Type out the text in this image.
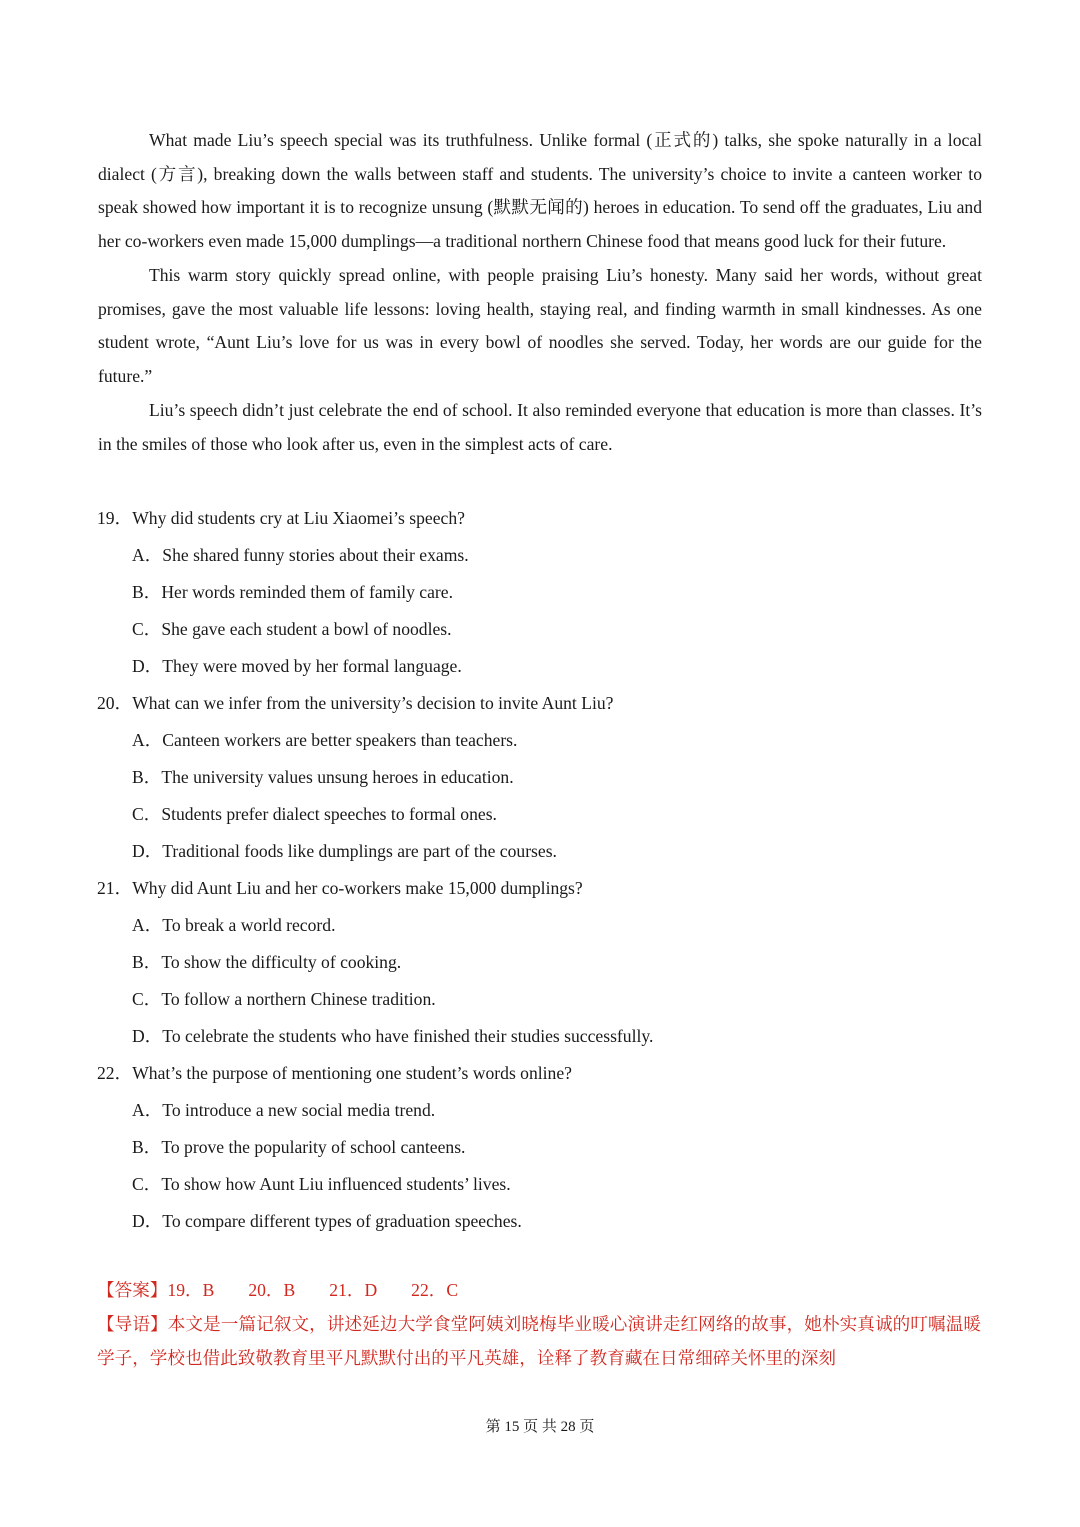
What made Liu’s speech special was its truthfulness. Unlike formal (正式的) talks, she spoke naturally in a local dialect (方言), breaking down the walls between staff and students. The university’s choice to invite a canteen worker to speak showed how important it is to recognize unsung (默默无闻的) heroes in education. To send off the graduates, Liu and her co-workers even made 15,000 dumplings—a traditional northern Chinese food that means good luck for their future.

This warm story quickly spread online, with people praising Liu’s honesty. Many said her words, without great promises, gave the most valuable life lessons: loving health, staying real, and finding warmth in small kindnesses. As one student wrote, “Aunt Liu’s love for us was in every bowl of noodles she served. Today, her words are our guide for the future.”

Liu’s speech didn’t just celebrate the end of school. It also reminded everyone that education is more than classes. It’s in the smiles of those who look after us, even in the simplest acts of care.

19．Why did students cry at Liu Xiaomei’s speech?
A．She shared funny stories about their exams.
B．Her words reminded them of family care.
C．She gave each student a bowl of noodles.
D．They were moved by her formal language.
20．What can we infer from the university’s decision to invite Aunt Liu?
A．Canteen workers are better speakers than teachers.
B．The university values unsung heroes in education.
C．Students prefer dialect speeches to formal ones.
D．Traditional foods like dumplings are part of the courses.
21．Why did Aunt Liu and her co-workers make 15,000 dumplings?
A．To break a world record.
B．To show the difficulty of cooking.
C．To follow a northern Chinese tradition.
D．To celebrate the students who have finished their studies successfully.
22．What’s the purpose of mentioning one student’s words online?
A．To introduce a new social media trend.
B．To prove the popularity of school canteens.
C．To show how Aunt Liu influenced students’ lives.
D．To compare different types of graduation speeches.
【答案】19．B 20．B 21．D 22．C
【导语】本文是一篇记叙文，讲述延边大学食堂阿姨刘晓梅毕业暖心演讲走红网络的故事，她朴实真诚的叮嘱温暖学子，学校也借此致敬教育里平凡默默付出的平凡英雄，诠释了教育藏在日常细碎关怀里的深刻
第 15 页 共 28 页
